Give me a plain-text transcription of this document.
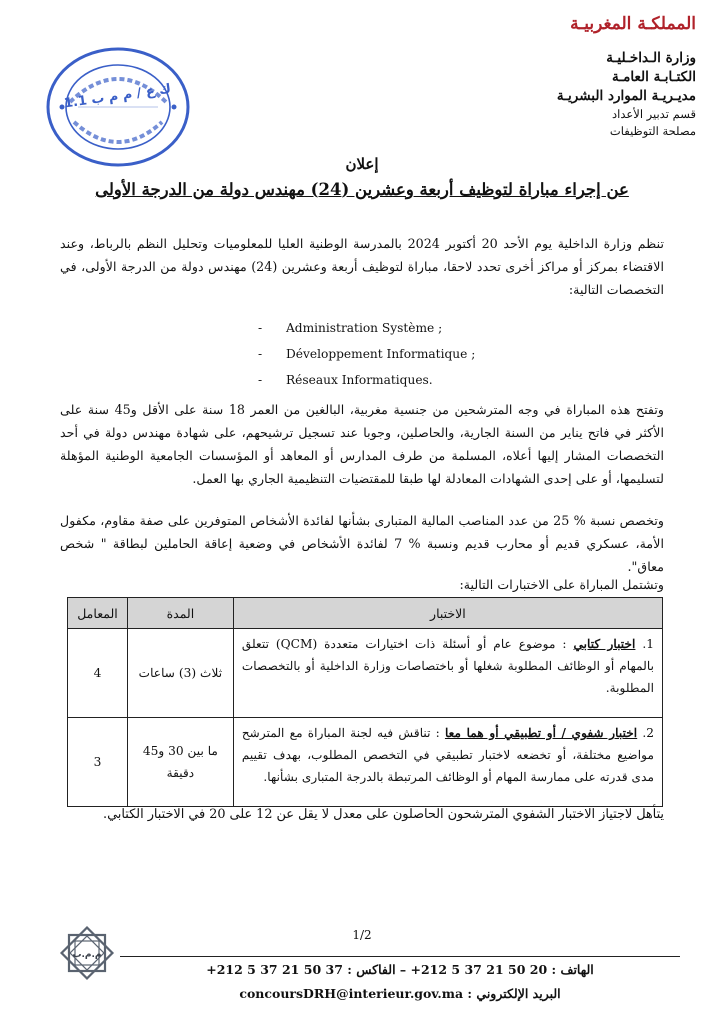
المملكـة المغربيـة
وزارة الـداخـليـة
الكتـابـة العامـة
مديـريـة الموارد البشريـة
قسم تدبير الأعداد
مصلحة التوظيفات
ك ع / م م ب 1.1
إعلان
عن إجراء مباراة لتوظيف أربعة وعشرين (24) مهندس دولة من الدرجة الأولى
تنظم وزارة الداخلية يوم الأحد 20 أكتوبر 2024 بالمدرسة الوطنية العليا للمعلوميات وتحليل النظم بالرباط، وعند الاقتضاء بمركز أو مراكز أخرى تحدد لاحقا، مباراة لتوظيف أربعة وعشرين (24) مهندس دولة من الدرجة الأولى، في التخصصات التالية:
-	Administration Système ;
-	Développement Informatique ;
-	Réseaux Informatiques.
وتفتح هذه المباراة في وجه المترشحين من جنسية مغربية، البالغين من العمر 18 سنة على الأقل و45 سنة على الأكثر في فاتح يناير من السنة الجارية، والحاصلين، وجوبا عند تسجيل ترشيحهم، على شهادة مهندس دولة في أحد التخصصات المشار إليها أعلاه، المسلمة من طرف المدارس أو المعاهد أو المؤسسات الجامعية الوطنية المؤهلة لتسليمها، أو على إحدى الشهادات المعادلة لها طبقا للمقتضيات التنظيمية الجاري بها العمل.
وتخصص نسبة % 25 من عدد المناصب المالية المتبارى بشأنها لفائدة الأشخاص المتوفرين على صفة مقاوم، مكفول الأمة، عسكري قديم أو محارب قديم ونسبة % 7 لفائدة الأشخاص في وضعية إعاقة الحاملين لبطاقة " شخص معاق".
وتشتمل المباراة على الاختبارات التالية:
الاختبار	المدة	المعامل
1. اختبار كتابي : موضوع عام أو أسئلة ذات اختيارات متعددة (QCM) تتعلق بالمهام أو الوظائف المطلوبة شغلها أو باختصاصات وزارة الداخلية أو بالتخصصات المطلوبة.	ثلاث (3) ساعات	4
2. اختبار شفوي / أو تطبيقي أو هما معا : تناقش فيه لجنة المباراة مع المترشح مواضيع مختلفة، أو تخضعه لاختبار تطبيقي في التخصص المطلوب، بهدف تقييم مدى قدرته على ممارسة المهام أو الوظائف المرتبطة بالدرجة المتبارى بشأنها.	ما بين 30 و45 دقيقة	3
يتأهل لاجتياز الاختبار الشفوي المترشحون الحاصلون على معدل لا يقل عن 12 على 20 في الاختبار الكتابي.
1/2
م.م.ب
الهاتف : 20 50 21 37 5 212+ – الفاكس : 37 50 21 37 5 212+
البريد الإلكتروني : concoursDRH@interieur.gov.ma
